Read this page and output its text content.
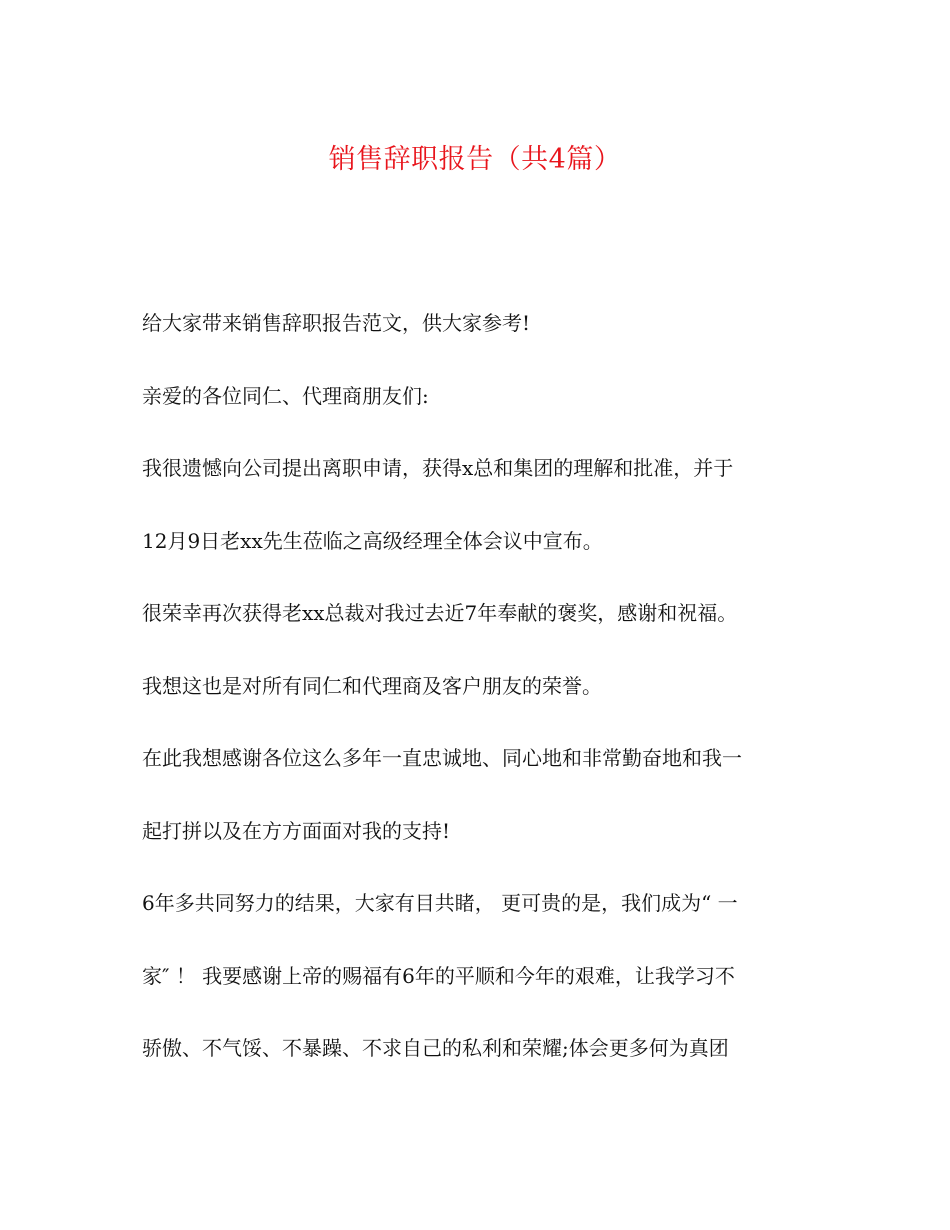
销售辞职报告（共4篇）
给大家带来销售辞职报告范文，供大家参考!
亲爱的各位同仁、代理商朋友们:
我很遗憾向公司提出离职申请，获得x总和集团的理解和批准，并于
12月9日老xx先生莅临之高级经理全体会议中宣布。
很荣幸再次获得老xx总裁对我过去近7年奉献的褒奖，感谢和祝福。
我想这也是对所有同仁和代理商及客户朋友的荣誉。
在此我想感谢各位这么多年一直忠诚地、同心地和非常勤奋地和我一
起打拼以及在方方面面对我的支持!
6年多共同努力的结果，大家有目共睹， 更可贵的是，我们成为“ 一
家″ ！ 我要感谢上帝的赐福有6年的平顺和今年的艰难，让我学习不
骄傲、不气馁、不暴躁、不求自己的私利和荣耀;体会更多何为真团
